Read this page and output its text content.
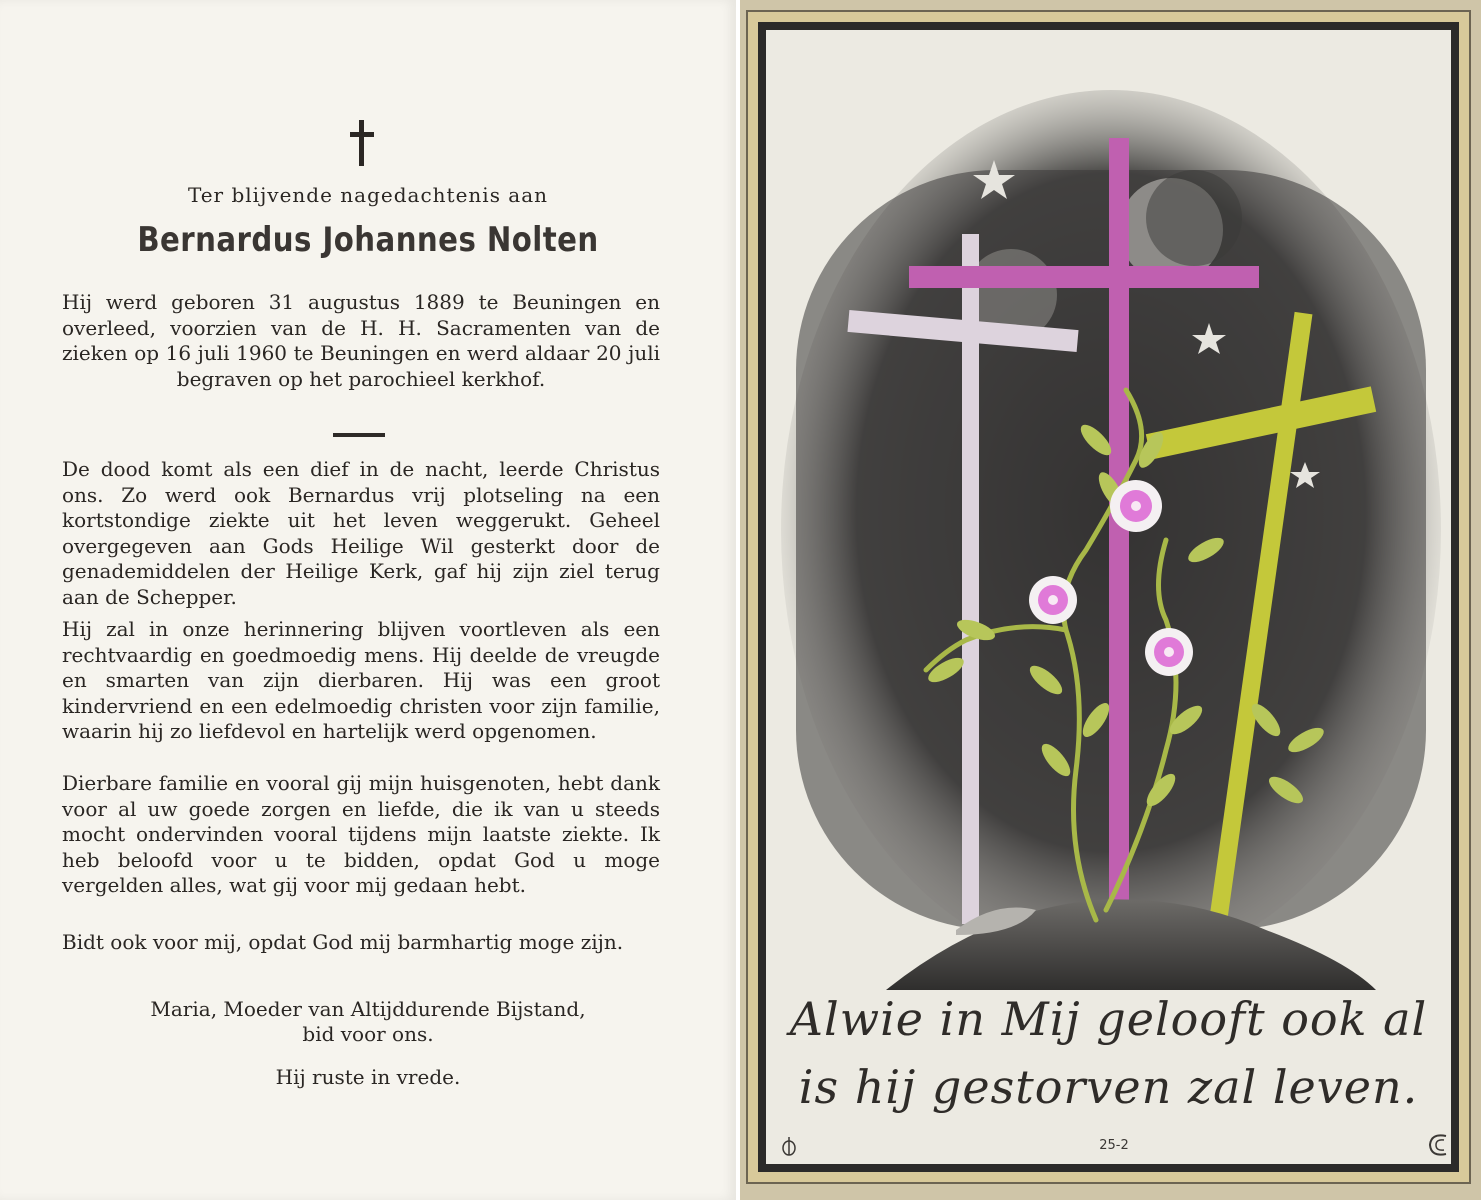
Ter blijvende nagedachtenis aan
Bernardus Johannes Nolten

Hij werd geboren 31 augustus 1889 te Beuningen en overleed, voorzien van de H. H. Sacramenten van de zieken op 16 juli 1960 te Beuningen en werd aldaar 20 juli begraven op het parochieel kerkhof.

De dood komt als een dief in de nacht, leerde Christus ons. Zo werd ook Bernardus vrij plotseling na een kortstondige ziekte uit het leven weggerukt. Geheel overgegeven aan Gods Heilige Wil gesterkt door de genademiddelen der Heilige Kerk, gaf hij zijn ziel terug aan de Schepper.

Hij zal in onze herinnering blijven voortleven als een rechtvaardig en goedmoedig mens. Hij deelde de vreugde en smarten van zijn dierbaren. Hij was een groot kindervriend en een edelmoedig christen voor zijn familie, waarin hij zo liefdevol en hartelijk werd opgenomen.

Dierbare familie en vooral gij mijn huisgenoten, hebt dank voor al uw goede zorgen en liefde, die ik van u steeds mocht ondervinden vooral tijdens mijn laatste ziekte. Ik heb beloofd voor u te bidden, opdat God u moge vergelden alles, wat gij voor mij gedaan hebt.

Bidt ook voor mij, opdat God mij barmhartig moge zijn.

Maria, Moeder van Altijddurende Bijstand,
bid voor ons.
Hij ruste in vrede.
Alwie in Mij gelooft ook al
is hij gestorven zal leven.
25-2
